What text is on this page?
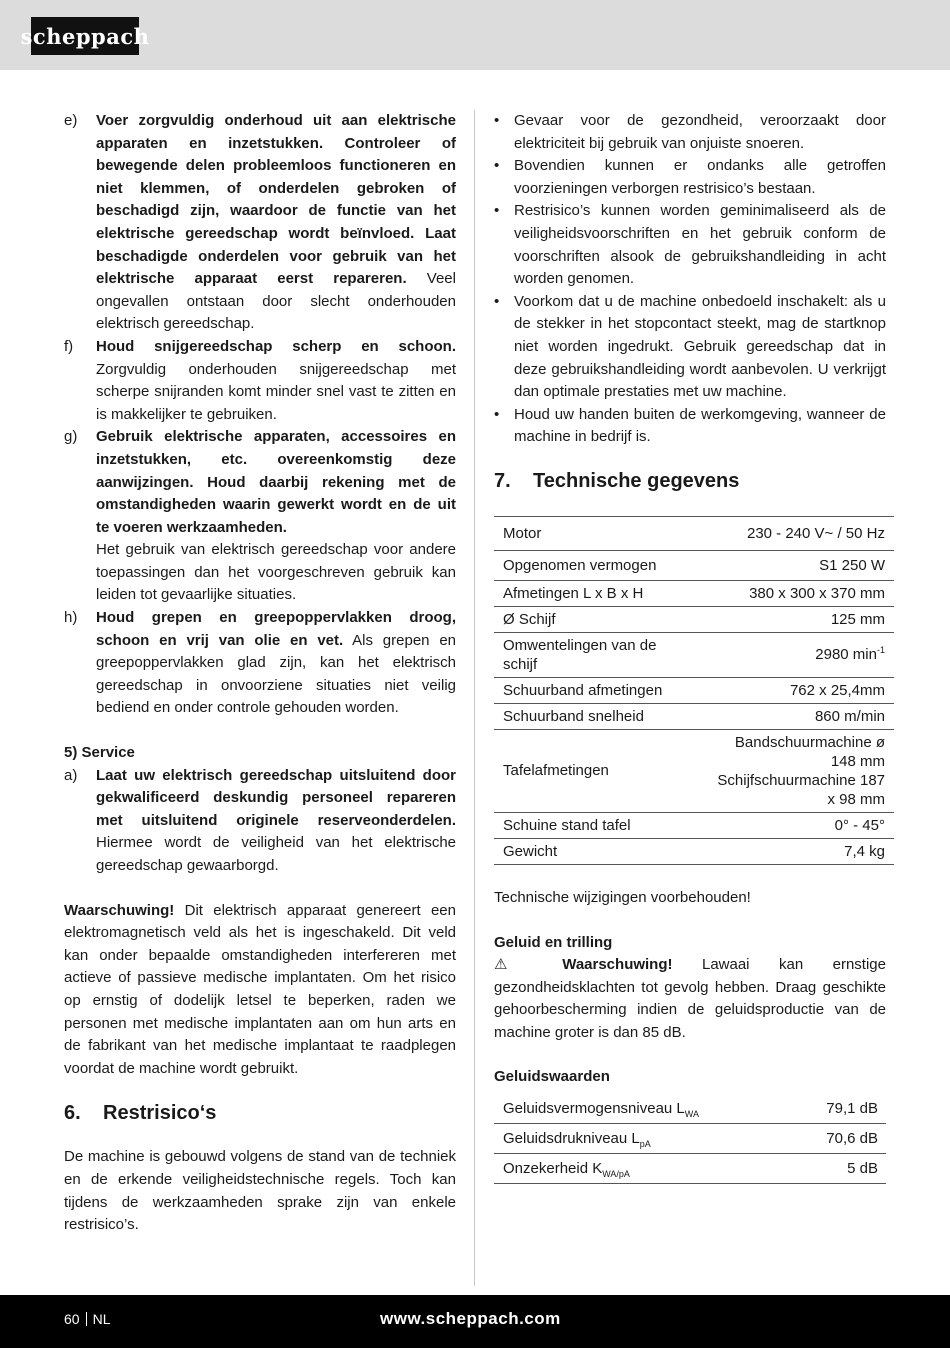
scheppach
e)	Voer zorgvuldig onderhoud uit aan elektrische apparaten en inzetstukken. Controleer of bewegende delen probleemloos functioneren en niet klemmen, of onderdelen gebroken of beschadigd zijn, waardoor de functie van het elektrische gereedschap wordt beïnvloed. Laat beschadigde onderdelen voor gebruik van het elektrische apparaat eerst repareren. Veel ongevallen ontstaan door slecht onderhouden elektrisch gereedschap.
f)	Houd snijgereedschap scherp en schoon. Zorgvuldig onderhouden snijgereedschap met scherpe snijranden komt minder snel vast te zitten en is makkelijker te gebruiken.
g)	Gebruik elektrische apparaten, accessoires en inzetstukken, etc. overeenkomstig deze aanwijzingen. Houd daarbij rekening met de omstandigheden waarin gewerkt wordt en de uit te voeren werkzaamheden.
Het gebruik van elektrisch gereedschap voor andere toepassingen dan het voorgeschreven gebruik kan leiden tot gevaarlijke situaties.
h)	Houd grepen en greepoppervlakken droog, schoon en vrij van olie en vet. Als grepen en greepoppervlakken glad zijn, kan het elektrisch gereedschap in onvoorziene situaties niet veilig bediend en onder controle gehouden worden.

5) Service

a)	Laat uw elektrisch gereedschap uitsluitend door gekwalificeerd deskundig personeel repareren met uitsluitend originele reserveonderdelen. Hiermee wordt de veiligheid van het elektrische gereedschap gewaarborgd.

Waarschuwing! Dit elektrisch apparaat genereert een elektromagnetisch veld als het is ingeschakeld. Dit veld kan onder bepaalde omstandigheden interfereren met actieve of passieve medische implantaten. Om het risico op ernstig of dodelijk letsel te beperken, raden we personen met medische implantaten aan om hun arts en de fabrikant van het medische implantaat te raadplegen voordat de machine wordt gebruikt.

6.	Restrisico‘s

De machine is gebouwd volgens de stand van de techniek en de erkende veiligheidstechnische regels. Toch kan tijdens de werkzaamheden sprake zijn van enkele restrisico’s.

• Gevaar voor de gezondheid, veroorzaakt door elektriciteit bij gebruik van onjuiste snoeren.
• Bovendien kunnen er ondanks alle getroffen voorzieningen verborgen restrisico’s bestaan.
• Restrisico’s kunnen worden geminimaliseerd als de veiligheidsvoorschriften en het gebruik conform de voorschriften alsook de gebruikshandleiding in acht worden genomen.
• Voorkom dat u de machine onbedoeld inschakelt: als u de stekker in het stopcontact steekt, mag de startknop niet worden ingedrukt. Gebruik gereedschap dat in deze gebruikshandleiding wordt aanbevolen. U verkrijgt dan optimale prestaties met uw machine.
• Houd uw handen buiten de werkomgeving, wanneer de machine in bedrijf is.
7.	Technische gegevens
Motor	230 - 240 V~ / 50 Hz
Opgenomen vermogen	S1 250 W
Afmetingen L x B x H	380 x 300 x 370 mm
Ø Schijf	125 mm
Omwentelingen van de schijf	2980 $\min^{-1}$
Schuurband afmetingen	762 x 25,4mm
Schuurband snelheid	860 m/min
Tafelafmetingen	Bandschuurmachine ø 148 mm Schijfschuurmachine 187 x 98 mm
Schuine stand tafel	0° - 45°
Gewicht	7,4 kg

Technische wijzigingen voorbehouden!

Geluid en trilling

⚠ Waarschuwing! Lawaai kan ernstige gezondheidsklachten tot gevolg hebben. Draag geschikte gehoorbescherming indien de geluidsproductie van de machine groter is dan 85 dB.

Geluidswaarden

Geluidsvermogensniveau $L_{WA}$	79,1 dB
Geluidsdrukniveau $L_{pA}$	70,6 dB
Onzekerheid $K_{WA/pA}$	5 dB
60 NL	www.scheppach.com
